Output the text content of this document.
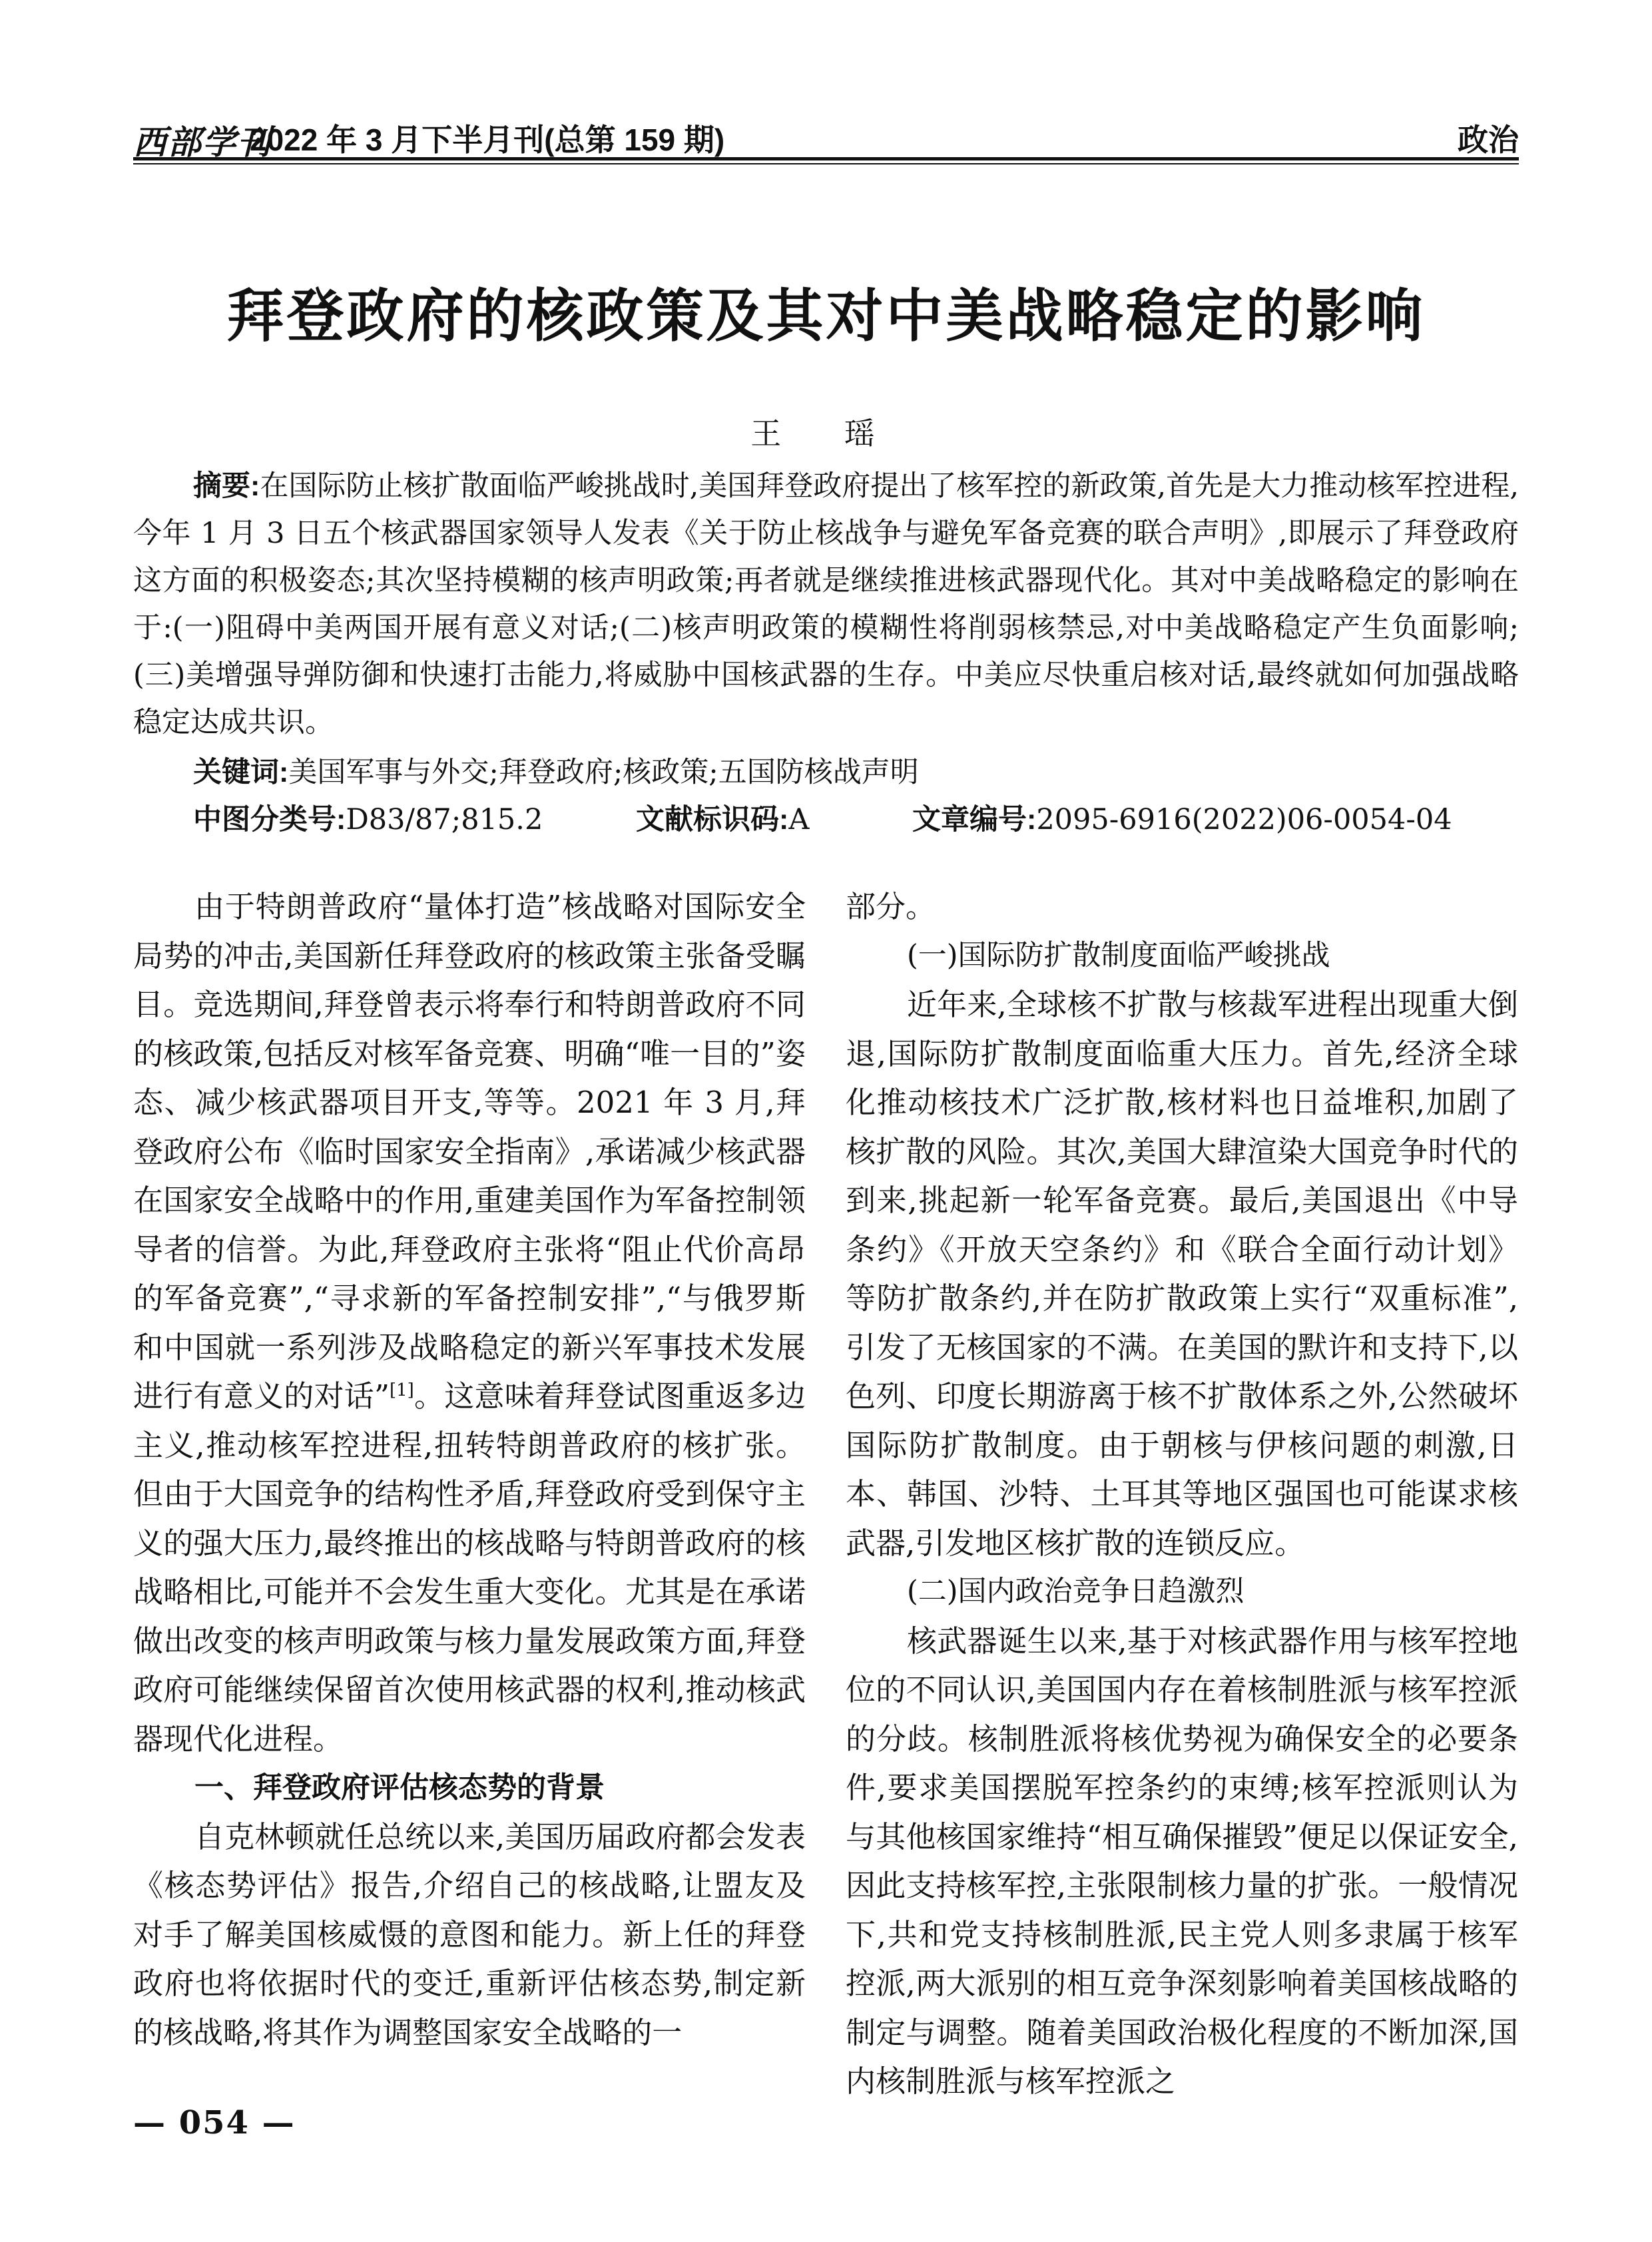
西部学刊
2022 年 3 月下半月刊(总第 159 期)	政治
拜登政府的核政策及其对中美战略稳定的影响
王 瑶
摘要:在国际防止核扩散面临严峻挑战时,美国拜登政府提出了核军控的新政策,首先是大力推动核军控进程,今年 1 月 3 日五个核武器国家领导人发表《关于防止核战争与避免军备竞赛的联合声明》,即展示了拜登政府这方面的积极姿态;其次坚持模糊的核声明政策;再者就是继续推进核武器现代化。其对中美战略稳定的影响在于:(一)阻碍中美两国开展有意义对话;(二)核声明政策的模糊性将削弱核禁忌,对中美战略稳定产生负面影响;(三)美增强导弹防御和快速打击能力,将威胁中国核武器的生存。中美应尽快重启核对话,最终就如何加强战略稳定达成共识。
关键词:美国军事与外交;拜登政府;核政策;五国防核战声明
中图分类号:D83/87;815.2	文献标识码:A	文章编号:2095-6916(2022)06-0054-04

由于特朗普政府“量体打造”核战略对国际安全局势的冲击,美国新任拜登政府的核政策主张备受瞩目。竞选期间,拜登曾表示将奉行和特朗普政府不同的核政策,包括反对核军备竞赛、明确“唯一目的”姿态、减少核武器项目开支,等等。2021 年 3 月,拜登政府公布《临时国家安全指南》,承诺减少核武器在国家安全战略中的作用,重建美国作为军备控制领导者的信誉。为此,拜登政府主张将“阻止代价高昂的军备竞赛”,“寻求新的军备控制安排”,“与俄罗斯和中国就一系列涉及战略稳定的新兴军事技术发展进行有意义的对话”[1]。这意味着拜登试图重返多边主义,推动核军控进程,扭转特朗普政府的核扩张。但由于大国竞争的结构性矛盾,拜登政府受到保守主义的强大压力,最终推出的核战略与特朗普政府的核战略相比,可能并不会发生重大变化。尤其是在承诺做出改变的核声明政策与核力量发展政策方面,拜登政府可能继续保留首次使用核武器的权利,推动核武器现代化进程。

一、拜登政府评估核态势的背景

自克林顿就任总统以来,美国历届政府都会发表《核态势评估》报告,介绍自己的核战略,让盟友及对手了解美国核威慑的意图和能力。新上任的拜登政府也将依据时代的变迁,重新评估核态势,制定新的核战略,将其作为调整国家安全战略的一

部分。

(一)国际防扩散制度面临严峻挑战

近年来,全球核不扩散与核裁军进程出现重大倒退,国际防扩散制度面临重大压力。首先,经济全球化推动核技术广泛扩散,核材料也日益堆积,加剧了核扩散的风险。其次,美国大肆渲染大国竞争时代的到来,挑起新一轮军备竞赛。最后,美国退出《中导条约》《开放天空条约》和《联合全面行动计划》等防扩散条约,并在防扩散政策上实行“双重标准”,引发了无核国家的不满。在美国的默许和支持下,以色列、印度长期游离于核不扩散体系之外,公然破坏国际防扩散制度。由于朝核与伊核问题的刺激,日本、韩国、沙特、土耳其等地区强国也可能谋求核武器,引发地区核扩散的连锁反应。

(二)国内政治竞争日趋激烈

核武器诞生以来,基于对核武器作用与核军控地位的不同认识,美国国内存在着核制胜派与核军控派的分歧。核制胜派将核优势视为确保安全的必要条件,要求美国摆脱军控条约的束缚;核军控派则认为与其他核国家维持“相互确保摧毁”便足以保证安全,因此支持核军控,主张限制核力量的扩张。一般情况下,共和党支持核制胜派,民主党人则多隶属于核军控派,两大派别的相互竞争深刻影响着美国核战略的制定与调整。随着美国政治极化程度的不断加深,国内核制胜派与核军控派之

— 054 —
